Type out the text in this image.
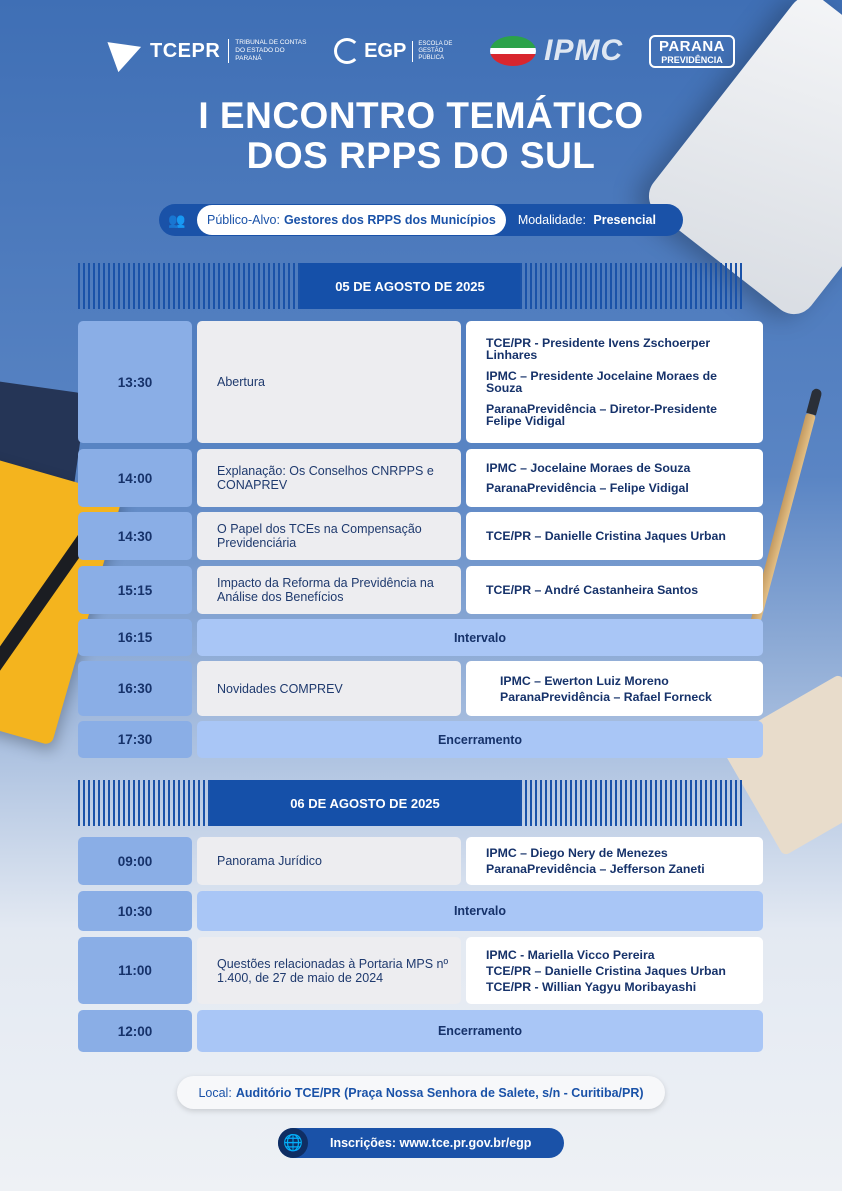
TCEPR	TRIBUNAL DE CONTAS DO ESTADO DO PARANÁ	EGP	ESCOLA DE GESTÃO PÚBLICA	IPMC PARANA
PREVIDÊNCIA
I ENCONTRO TEMÁTICO
DOS RPPS DO SUL
👥	Público-Alvo: Gestores dos RPPS dos Municípios Modalidade: Presencial
05 DE AGOSTO DE 2025
13:30	Abertura
TCE/PR - Presidente Ivens Zschoerper Linhares
IPMC – Presidente Jocelaine Moraes de Souza
ParanaPrevidência – Diretor-Presidente Felipe Vidigal
14:00	Explanação: Os Conselhos CNRPPS e CONAPREV
IPMC – Jocelaine Moraes de Souza
ParanaPrevidência – Felipe Vidigal
14:30	O Papel dos TCEs na Compensação Previdenciária
TCE/PR – Danielle Cristina Jaques Urban
15:15	Impacto da Reforma da Previdência na Análise dos Benefícios
TCE/PR – André Castanheira Santos
16:15	Intervalo
16:30	Novidades COMPREV
IPMC – Ewerton Luiz Moreno
ParanaPrevidência – Rafael Forneck
17:30	Encerramento
06 DE AGOSTO DE 2025
09:00	Panorama Jurídico
IPMC – Diego Nery de Menezes
ParanaPrevidência – Jefferson Zaneti
10:30	Intervalo
11:00	Questões relacionadas à Portaria MPS nº 1.400, de 27 de maio de 2024
IPMC - Mariella Vicco Pereira
TCE/PR – Danielle Cristina Jaques Urban
TCE/PR - Willian Yagyu Moribayashi
12:00	Encerramento
Local: Auditório TCE/PR (Praça Nossa Senhora de Salete, s/n - Curitiba/PR)
🌐	Inscrições: www.tce.pr.gov.br/egp
